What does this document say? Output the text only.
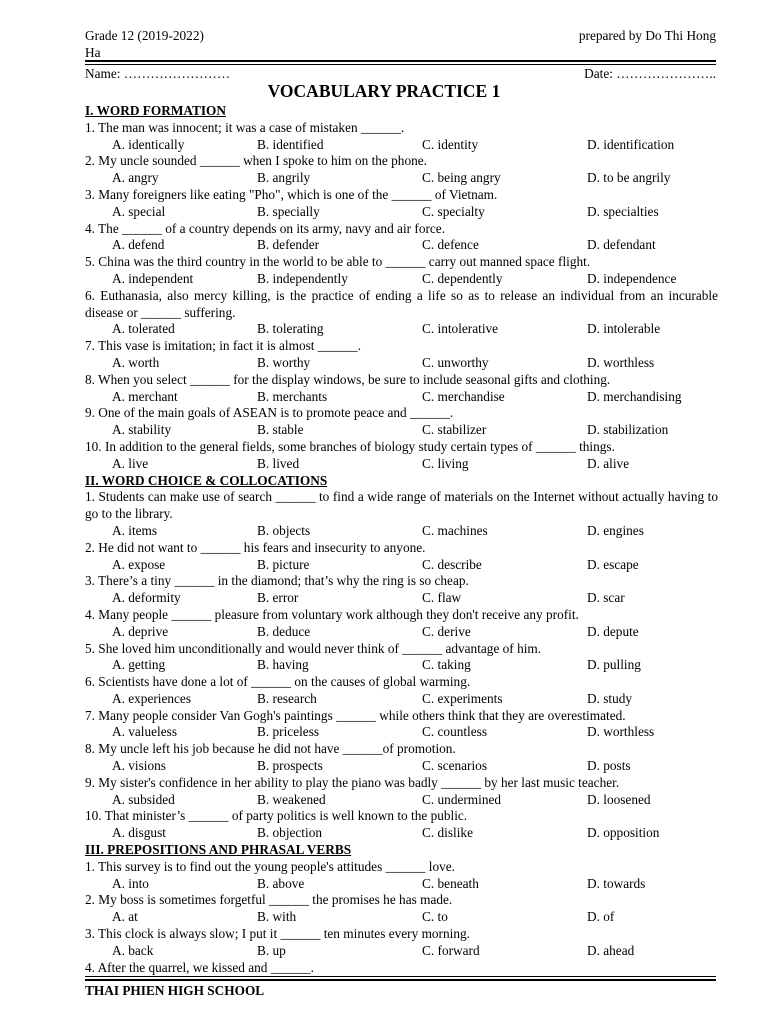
Grade 12 (2019-2022)
Ha
prepared by Do Thi Hong
Name: ……………………	Date: …………………..
VOCABULARY PRACTICE 1
I. WORD FORMATION
1. The man was innocent; it was a case of mistaken ______.
A. identically	B. identified	C. identity	D. identification
2. My uncle sounded ______ when I spoke to him on the phone.
A. angry	B. angrily	C. being angry	D. to be angrily
3. Many foreigners like eating "Pho", which is one of the ______ of Vietnam.
A. special	B. specially	C. specialty	D. specialties
4. The ______ of a country depends on its army, navy and air force.
A. defend	B. defender	C. defence	D. defendant
5. China was the third country in the world to be able to ______ carry out manned space flight.
A. independent	B. independently	C. dependently	D. independence
6. Euthanasia, also mercy killing, is the practice of ending a life so as to release an individual from an incurable disease or ______ suffering.
A. tolerated	B. tolerating	C. intolerative	D. intolerable
7. This vase is imitation; in fact it is almost ______.
A. worth	B. worthy	C. unworthy	D. worthless
8. When you select ______ for the display windows, be sure to include seasonal gifts and clothing.
A. merchant	B. merchants	C. merchandise	D. merchandising
9. One of the main goals of ASEAN is to promote peace and ______.
A. stability	B. stable	C. stabilizer	D. stabilization
10. In addition to the general fields, some branches of biology study certain types of ______ things.
A. live	B. lived	C. living	D. alive
II. WORD CHOICE & COLLOCATIONS
1. Students can make use of search ______ to find a wide range of materials on the Internet without actually having to go to the library.
A. items	B. objects	C. machines	D. engines
2. He did not want to ______ his fears and insecurity to anyone.
A. expose	B. picture	C. describe	D. escape
3. There’s a tiny ______ in the diamond; that’s why the ring is so cheap.
A. deformity	B. error	C. flaw	D. scar
4. Many people ______ pleasure from voluntary work although they don't receive any profit.
A. deprive	B. deduce	C. derive	D. depute
5. She loved him unconditionally and would never think of ______ advantage of him.
A. getting	B. having	C. taking	D. pulling
6. Scientists have done a lot of ______ on the causes of global warming.
A. experiences	B. research	C. experiments	D. study
7. Many people consider Van Gogh's paintings ______ while others think that they are overestimated.
A. valueless	B. priceless	C. countless	D. worthless
8. My uncle left his job because he did not have ______of promotion.
A. visions	B. prospects	C. scenarios	D. posts
9. My sister's confidence in her ability to play the piano was badly ______ by her last music teacher.
A. subsided	B. weakened	C. undermined	D. loosened
10. That minister’s ______ of party politics is well known to the public.
A. disgust	B. objection	C. dislike	D. opposition
III. PREPOSITIONS AND PHRASAL VERBS
1. This survey is to find out the young people's attitudes ______ love.
A. into	B. above	C. beneath	D. towards
2. My boss is sometimes forgetful ______ the promises he has made.
A. at	B. with	C. to	D. of
3. This clock is always slow; I put it ______ ten minutes every morning.
A. back	B. up	C. forward	D. ahead
4. After the quarrel, we kissed and ______.
THAI PHIEN HIGH SCHOOL
